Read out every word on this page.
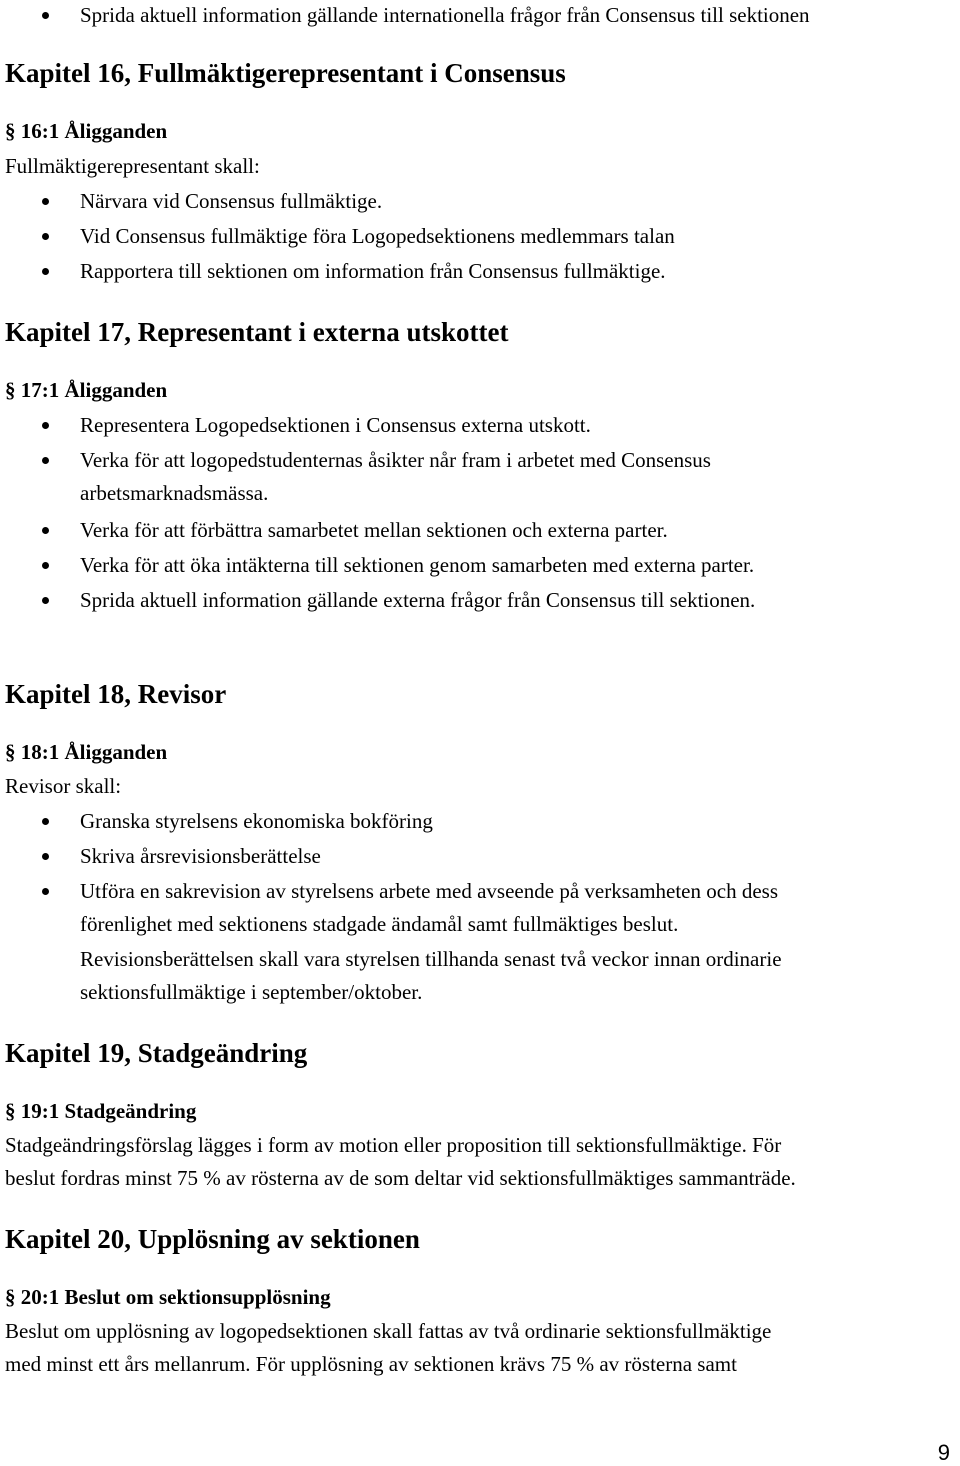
Sprida aktuell information gällande internationella frågor från Consensus till sektionen
Kapitel 16, Fullmäktigerepresentant i Consensus
§ 16:1 Åligganden
Fullmäktigerepresentant skall:
Närvara vid Consensus fullmäktige.
Vid Consensus fullmäktige föra Logopedsektionens medlemmars talan
Rapportera till sektionen om information från Consensus fullmäktige.
Kapitel 17, Representant i externa utskottet
§ 17:1 Åligganden
Representera Logopedsektionen i Consensus externa utskott.
Verka för att logopedstudenternas åsikter når fram i arbetet med Consensus
arbetsmarknadsmässa.
Verka för att förbättra samarbetet mellan sektionen och externa parter.
Verka för att öka intäkterna till sektionen genom samarbeten med externa parter.
Sprida aktuell information gällande externa frågor från Consensus till sektionen.
Kapitel 18, Revisor
§ 18:1 Åligganden
Revisor skall:
Granska styrelsens ekonomiska bokföring
Skriva årsrevisionsberättelse
Utföra en sakrevision av styrelsens arbete med avseende på verksamheten och dess
förenlighet med sektionens stadgade ändamål samt fullmäktiges beslut.
Revisionsberättelsen skall vara styrelsen tillhanda senast två veckor innan ordinarie
sektionsfullmäktige i september/oktober.
Kapitel 19, Stadgeändring
§ 19:1 Stadgeändring
Stadgeändringsförslag lägges i form av motion eller proposition till sektionsfullmäktige. För
beslut fordras minst 75 % av rösterna av de som deltar vid sektionsfullmäktiges sammanträde.
Kapitel 20, Upplösning av sektionen
§ 20:1 Beslut om sektionsupplösning
Beslut om upplösning av logopedsektionen skall fattas av två ordinarie sektionsfullmäktige
med minst ett års mellanrum. För upplösning av sektionen krävs 75 % av rösterna samt
9
